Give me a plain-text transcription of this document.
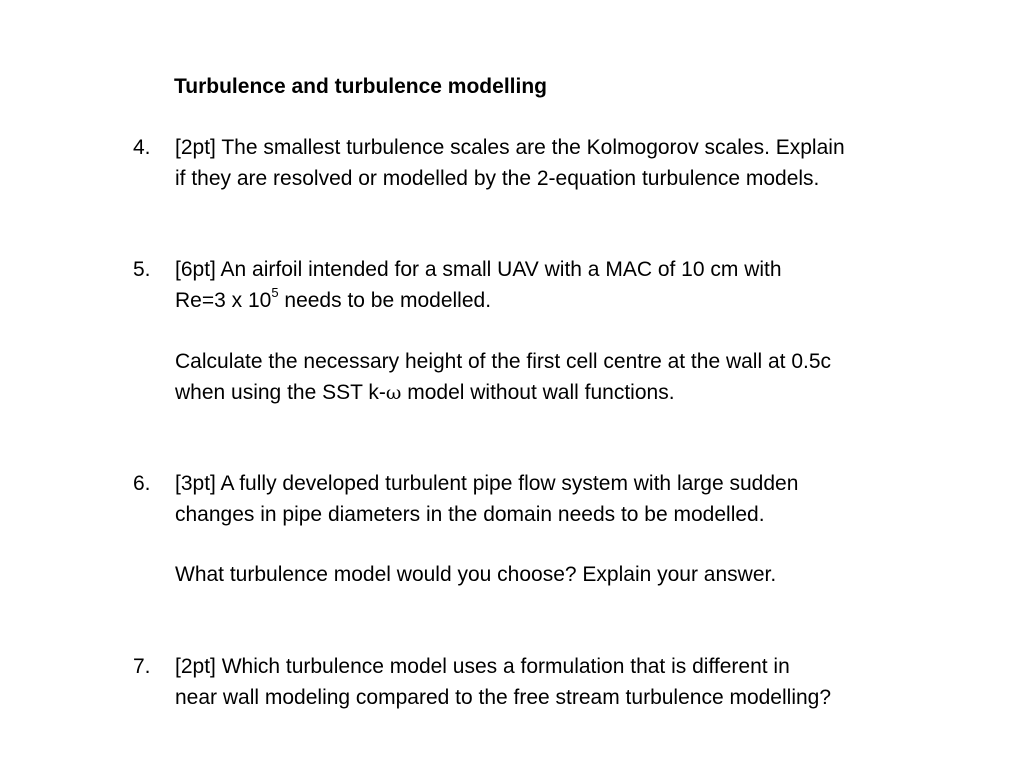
Turbulence and turbulence modelling
4. [2pt] The smallest turbulence scales are the Kolmogorov scales. Explain
if they are resolved or modelled by the 2-equation turbulence models.
5. [6pt] An airfoil intended for a small UAV with a MAC of 10 cm with
Re=3 x $10^5$ needs to be modelled.
Calculate the necessary height of the first cell centre at the wall at 0.5c
when using the SST k-ω model without wall functions.
6. [3pt] A fully developed turbulent pipe flow system with large sudden
changes in pipe diameters in the domain needs to be modelled.
What turbulence model would you choose? Explain your answer.
7. [2pt] Which turbulence model uses a formulation that is different in
near wall modeling compared to the free stream turbulence modelling?
